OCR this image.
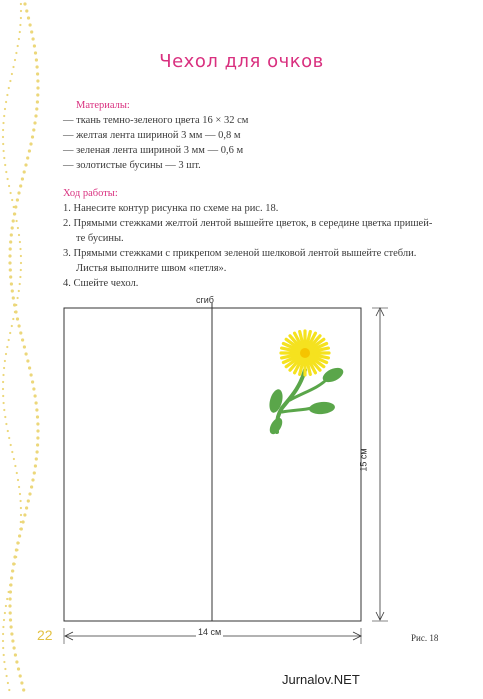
Чехол для очков
Материалы:
— ткань темно-зеленого цвета 16 × 32 см
— желтая лента шириной 3 мм — 0,8 м
— зеленая лента шириной 3 мм — 0,6 м
— золотистые бусины — 3 шт.
Ход работы:
1. Нанесите контур рисунка по схеме на рис. 18.
2. Прямыми стежками желтой лентой вышейте цветок, в середине цветка пришей-
те бусины.
3. Прямыми стежками с прикрепом зеленой шелковой лентой вышейте стебли.
Листья выполните швом «петля».
4. Сшейте чехол.
сгиб
14 см
15 см
22	Рис. 18
Jurnalov.NET
